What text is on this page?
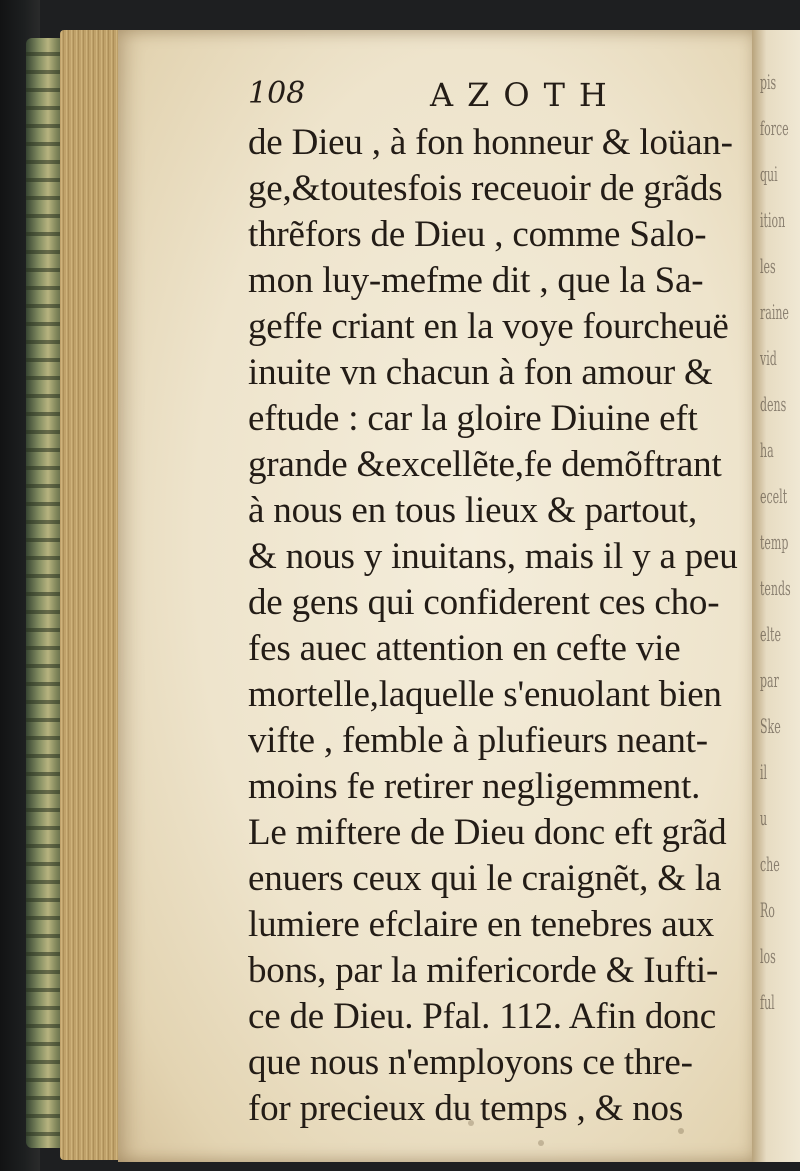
pis
force
qui
ition
les
raine
vid
dens
ha
ecelt
temp
tends
elte
par
Ske
il
u
che
Ro
los
ful
108	AZOTH
de Dieu , à fon honneur & loüan-
ge,&toutesfois receuoir de grãds
thrẽfors de Dieu , comme Salo-
mon luy-mefme dit , que la Sa-
geffe criant en la voye fourcheuë
inuite vn chacun à fon amour &
eftude : car la gloire Diuine eft
grande &excellẽte,fe demõftrant
à nous en tous lieux & partout,
& nous y inuitans, mais il y a peu
de gens qui confiderent ces cho-
fes auec attention en cefte vie
mortelle,laquelle s'enuolant bien
vifte , femble à plufieurs neant-
moins fe retirer negligemment.
Le miftere de Dieu donc eft grãd
enuers ceux qui le craignẽt, & la
lumiere efclaire en tenebres aux
bons, par la mifericorde & Iufti-
ce de Dieu. Pfal. 112. Afin donc
que nous n'employons ce thre-
for precieux du temps , & nos
